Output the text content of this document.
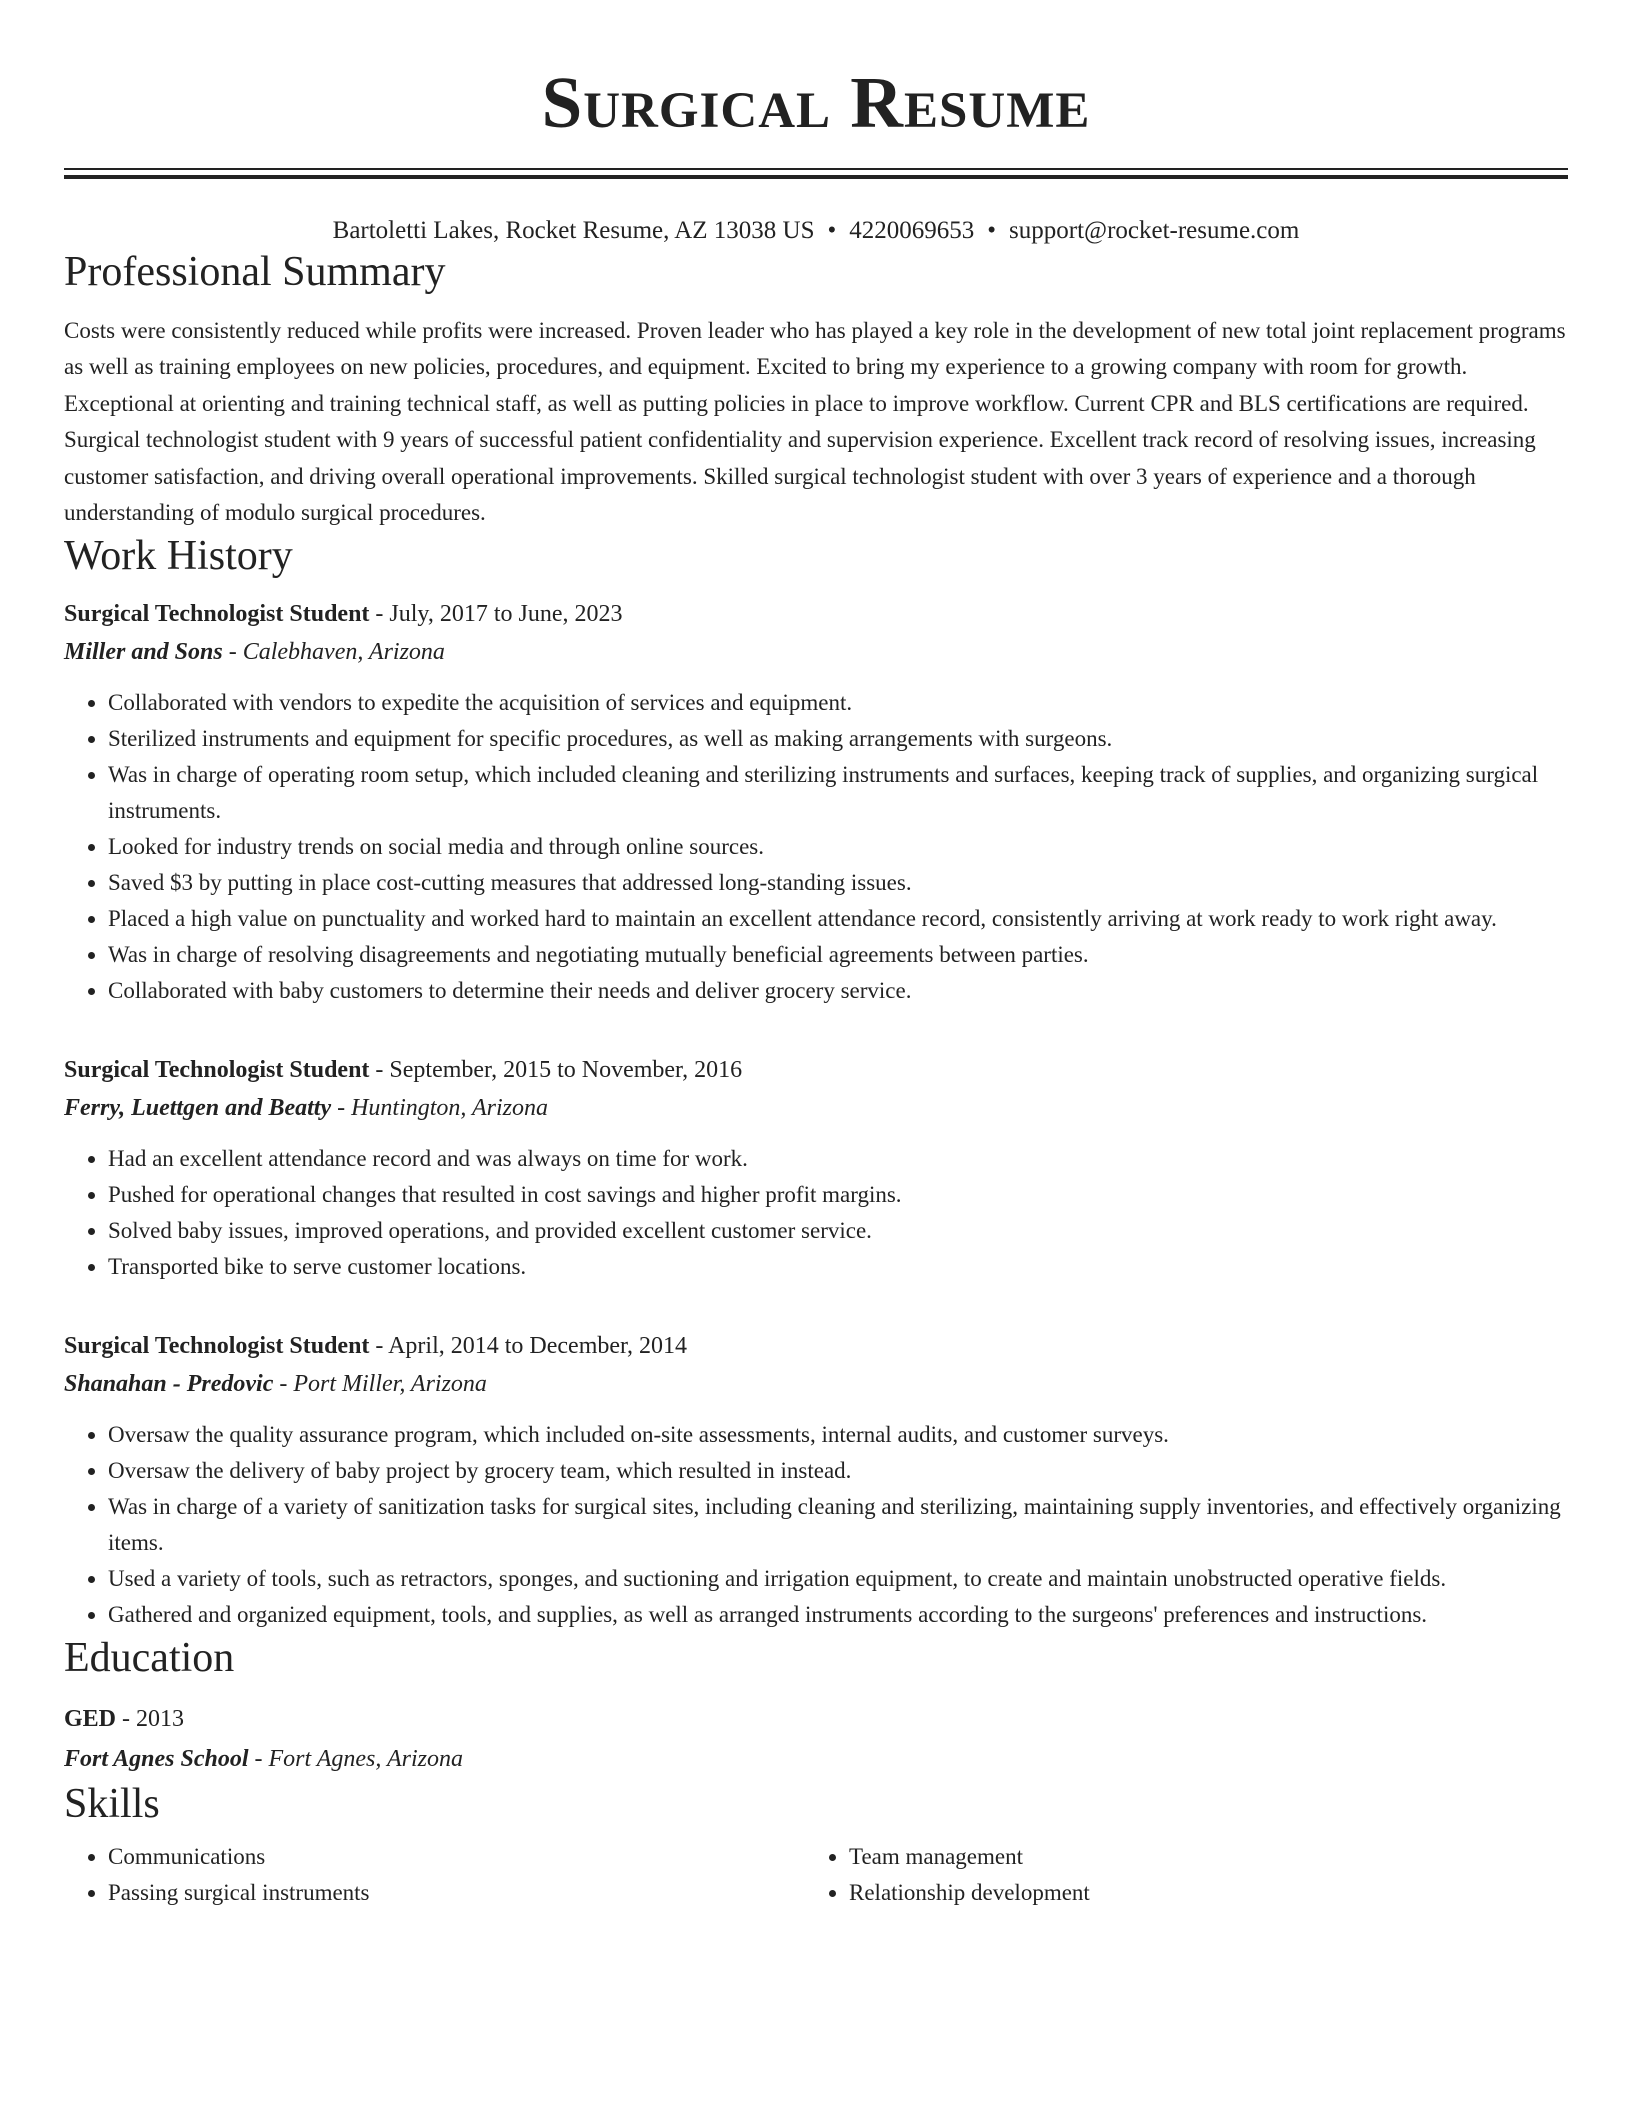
Surgical Resume
Bartoletti Lakes, Rocket Resume, AZ 13038 US • 4220069653 • support@rocket-resume.com
Professional Summary
Costs were consistently reduced while profits were increased. Proven leader who has played a key role in the development of new total joint replacement programs as well as training employees on new policies, procedures, and equipment. Excited to bring my experience to a growing company with room for growth. Exceptional at orienting and training technical staff, as well as putting policies in place to improve workflow. Current CPR and BLS certifications are required. Surgical technologist student with 9 years of successful patient confidentiality and supervision experience. Excellent track record of resolving issues, increasing customer satisfaction, and driving overall operational improvements. Skilled surgical technologist student with over 3 years of experience and a thorough understanding of modulo surgical procedures.
Work History
Surgical Technologist Student - July, 2017 to June, 2023
Miller and Sons - Calebhaven, Arizona
• Collaborated with vendors to expedite the acquisition of services and equipment.
• Sterilized instruments and equipment for specific procedures, as well as making arrangements with surgeons.
• Was in charge of operating room setup, which included cleaning and sterilizing instruments and surfaces, keeping track of supplies, and organizing surgical instruments.
• Looked for industry trends on social media and through online sources.
• Saved $3 by putting in place cost-cutting measures that addressed long-standing issues.
• Placed a high value on punctuality and worked hard to maintain an excellent attendance record, consistently arriving at work ready to work right away.
• Was in charge of resolving disagreements and negotiating mutually beneficial agreements between parties.
• Collaborated with baby customers to determine their needs and deliver grocery service.
Surgical Technologist Student - September, 2015 to November, 2016
Ferry, Luettgen and Beatty - Huntington, Arizona
• Had an excellent attendance record and was always on time for work.
• Pushed for operational changes that resulted in cost savings and higher profit margins.
• Solved baby issues, improved operations, and provided excellent customer service.
• Transported bike to serve customer locations.
Surgical Technologist Student - April, 2014 to December, 2014
Shanahan - Predovic - Port Miller, Arizona
• Oversaw the quality assurance program, which included on-site assessments, internal audits, and customer surveys.
• Oversaw the delivery of baby project by grocery team, which resulted in instead.
• Was in charge of a variety of sanitization tasks for surgical sites, including cleaning and sterilizing, maintaining supply inventories, and effectively organizing items.
• Used a variety of tools, such as retractors, sponges, and suctioning and irrigation equipment, to create and maintain unobstructed operative fields.
• Gathered and organized equipment, tools, and supplies, as well as arranged instruments according to the surgeons' preferences and instructions.
Education
GED - 2013
Fort Agnes School - Fort Agnes, Arizona
Skills
• Communications
• Passing surgical instruments
• Team management
• Relationship development
